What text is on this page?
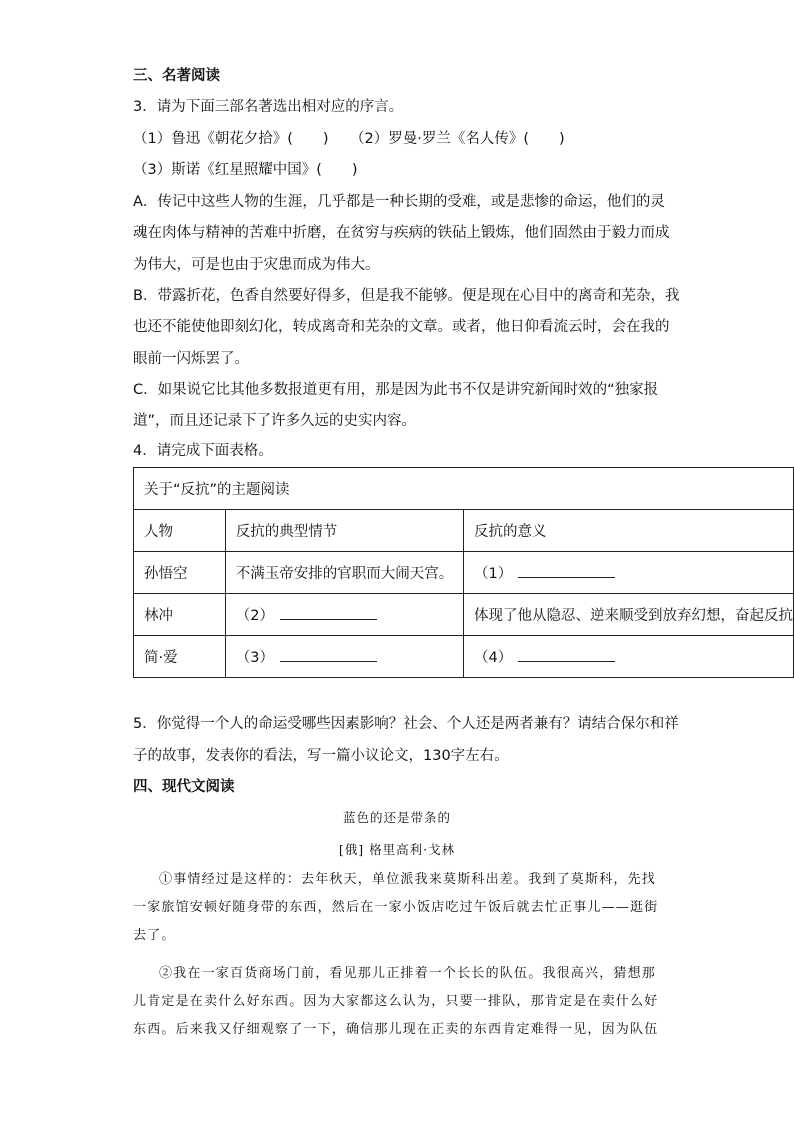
三、名著阅读
3．请为下面三部名著选出相对应的序言。
（1）鲁迅《朝花夕拾》( ) （2）罗曼·罗兰《名人传》( )
（3）斯诺《红星照耀中国》( )
A．传记中这些人物的生涯，几乎都是一种长期的受难，或是悲惨的命运，他们的灵
魂在肉体与精神的苦难中折磨，在贫穷与疾病的铁砧上锻炼，他们固然由于毅力而成
为伟大，可是也由于灾患而成为伟大。
B．带露折花，色香自然要好得多，但是我不能够。便是现在心目中的离奇和芜杂，我
也还不能使他即刻幻化，转成离奇和芜杂的文章。或者，他日仰看流云时，会在我的
眼前一闪烁罢了。
C．如果说它比其他多数报道更有用，那是因为此书不仅是讲究新闻时效的“独家报
道”，而且还记录下了许多久远的史实内容。
4．请完成下面表格。
关于“反抗”的主题阅读		
人物	反抗的典型情节	反抗的意义
孙悟空	不满玉帝安排的官职而大闹天宫。	（1）
林冲	（2）	体现了他从隐忍、逆来顺受到放弃幻想，奋起反抗
简·爱	（3）	（4）
5．你觉得一个人的命运受哪些因素影响？社会、个人还是两者兼有？请结合保尔和祥
子的故事，发表你的看法，写一篇小议论文，130字左右。
四、现代文阅读
蓝色的还是带条的
[俄] 格里高利·戈林
①事情经过是这样的：去年秋天，单位派我来莫斯科出差。我到了莫斯科，先找一家旅馆安顿好随身带的东西，然后在一家小饭店吃过午饭后就去忙正事儿——逛街去了。
②我在一家百货商场门前，看见那儿正排着一个长长的队伍。我很高兴，猜想那儿肯定是在卖什么好东西。因为大家都这么认为，只要一排队，那肯定是在卖什么好东西。后来我又仔细观察了一下，确信那儿现在正卖的东西肯定难得一见，因为队伍
